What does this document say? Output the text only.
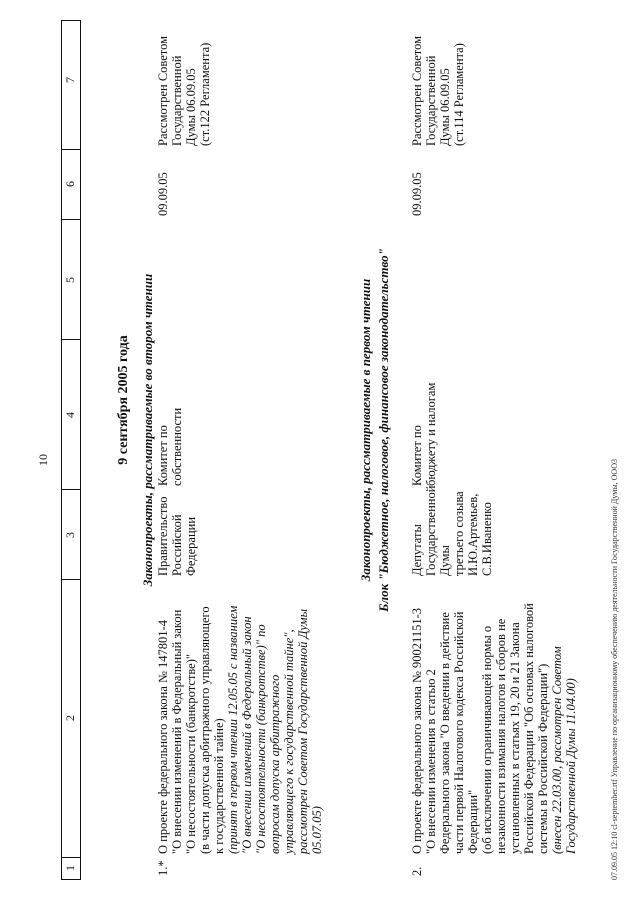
10
1
2
3
4
5
6
7
9 сентября 2005 года Законопроекты, рассматриваемые во втором чтении
1.*
О проекте федерального закона № 147801-4 "О внесении изменений в Федеральный закон "О несостоятельности (банкротстве)" (в части допуска арбитражного управляющего к государственной тайне) (принят в первом чтении 12.05.05 с названием "О внесении изменений в Федеральный закон "О несостоятельности (банкротстве)" по вопросам допуска арбитражного управляющего к государственной тайне", рассмотрен Советом Государственной Думы 05.07.05)
Правительство Российской Федерации
Комитет по собственности
09.09.05
Рассмотрен Советом Государственной Думы 06.09.05 (ст.122 Регламента)
Законопроекты, рассматриваемые в первом чтении Блок "Бюджетное, налоговое, финансовое законодательство"
2.
О проекте федерального закона № 90021151-3 "О внесении изменения в статью 2 Федерального закона "О введении в действие части первой Налогового кодекса Российской Федерации" (об исключении ограничивающей нормы о незаконности взимания налогов и сборов не установленных в статьях 19, 20 и 21 Закона Российской Федерации "Об основах налоговой системы в Российской Федерации") (внесен 22.03.00, рассмотрен Советом Государственной Думы 11.04.00)
Депутаты Государственной Думы третьего созыва И.Ю.Артемьев, С.В.Иваненко
Комитет по бюджету и налогам
09.09.05
Рассмотрен Советом Государственной Думы 06.09.05 (ст.114 Регламента)
07.09.05 12:10 cl-september.rtf Управление по организационному обеспечению деятельности Государственной Думы, ООО3
